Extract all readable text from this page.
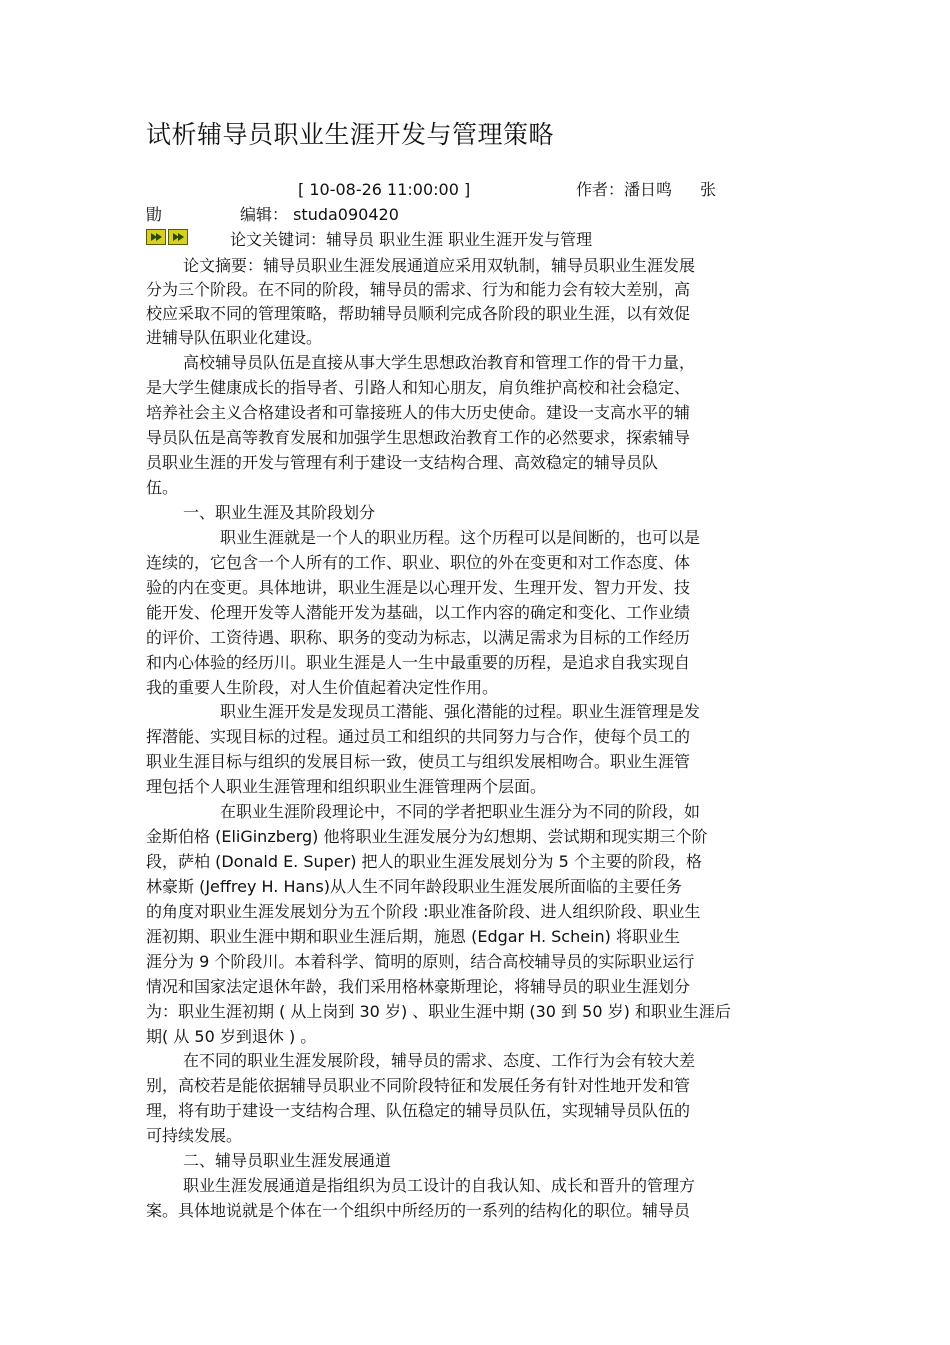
试析辅导员职业生涯开发与管理策略
[ 10-08-26 11:00:00 ]	作者：潘日鸣 张
勖	编辑： studa090420
论文关键词：辅导员 职业生涯 职业生涯开发与管理
论文摘要：辅导员职业生涯发展通道应采用双轨制，辅导员职业生涯发展
分为三个阶段。在不同的阶段，辅导员的需求、行为和能力会有较大差别，高
校应采取不同的管理策略，帮助辅导员顺利完成各阶段的职业生涯，以有效促
进辅导队伍职业化建设。
高校辅导员队伍是直接从事大学生思想政治教育和管理工作的骨干力量，
是大学生健康成长的指导者、引路人和知心朋友，肩负维护高校和社会稳定、
培养社会主义合格建设者和可靠接班人的伟大历史使命。建设一支高水平的辅
导员队伍是高等教育发展和加强学生思想政治教育工作的必然要求，探索辅导
员职业生涯的开发与管理有利于建设一支结构合理、高效稳定的辅导员队
伍。
一、职业生涯及其阶段划分
职业生涯就是一个人的职业历程。这个历程可以是间断的，也可以是
连续的，它包含一个人所有的工作、职业、职位的外在变更和对工作态度、体
验的内在变更。具体地讲，职业生涯是以心理开发、生理开发、智力开发、技
能开发、伦理开发等人潜能开发为基础，以工作内容的确定和变化、工作业绩
的评价、工资待遇、职称、职务的变动为标志，以满足需求为目标的工作经历
和内心体验的经历川。职业生涯是人一生中最重要的历程，是追求自我实现自
我的重要人生阶段，对人生价值起着决定性作用。
职业生涯开发是发现员工潜能、强化潜能的过程。职业生涯管理是发
挥潜能、实现目标的过程。通过员工和组织的共同努力与合作，使每个员工的
职业生涯目标与组织的发展目标一致，使员工与组织发展相吻合。职业生涯管
理包括个人职业生涯管理和组织职业生涯管理两个层面。
在职业生涯阶段理论中，不同的学者把职业生涯分为不同的阶段，如
金斯伯格 (EliGinzberg) 他将职业生涯发展分为幻想期、尝试期和现实期三个阶
段，萨柏 (Donald E. Super) 把人的职业生涯发展划分为 5 个主要的阶段，格
林豪斯 (Jeffrey H. Hans)从人生不同年龄段职业生涯发展所面临的主要任务
的角度对职业生涯发展划分为五个阶段 :职业准备阶段、进人组织阶段、职业生
涯初期、职业生涯中期和职业生涯后期，施恩 (Edgar H. Schein) 将职业生
涯分为 9 个阶段川。本着科学、简明的原则，结合高校辅导员的实际职业运行
情况和国家法定退休年龄，我们采用格林豪斯理论，将辅导员的职业生涯划分
为：职业生涯初期 ( 从上岗到 30 岁) 、职业生涯中期 (30 到 50 岁) 和职业生涯后
期( 从 50 岁到退休 ) 。
在不同的职业生涯发展阶段，辅导员的需求、态度、工作行为会有较大差
别，高校若是能依据辅导员职业不同阶段特征和发展任务有针对性地开发和管
理，将有助于建设一支结构合理、队伍稳定的辅导员队伍，实现辅导员队伍的
可持续发展。
二、辅导员职业生涯发展通道
职业生涯发展通道是指组织为员工设计的自我认知、成长和晋升的管理方
案。具体地说就是个体在一个组织中所经历的一系列的结构化的职位。辅导员
